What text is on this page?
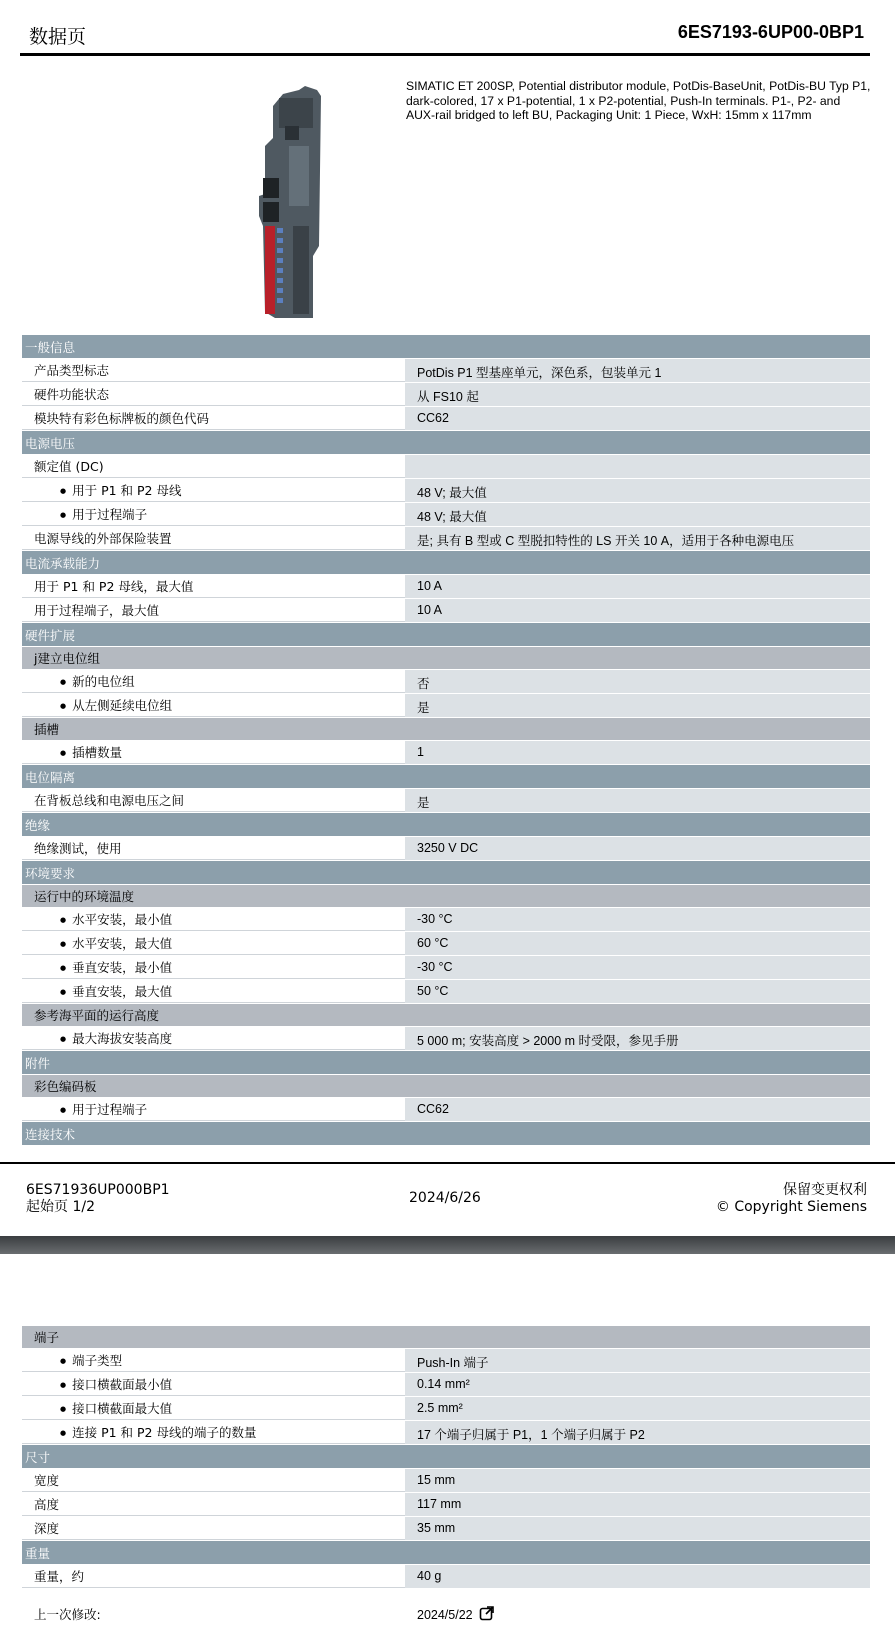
数据页	6ES7193-6UP00-0BP1
SIMATIC ET 200SP, Potential distributor module, PotDis-BaseUnit, PotDis-BU Typ P1, dark-colored, 17 x P1-potential, 1 x P2-potential, Push-In terminals. P1-, P2- and AUX-rail bridged to left BU, Packaging Unit: 1 Piece, WxH: 15mm x 117mm
一般信息
产品类型标志	PotDis P1 型基座单元，深色系，包装单元 1
硬件功能状态	从 FS10 起
模块特有彩色标牌板的颜色代码	CC62
电源电压
额定值 (DC)
● 用于 P1 和 P2 母线	48 V; 最大值
● 用于过程端子	48 V; 最大值
电源导线的外部保险装置	是; 具有 B 型或 C 型脱扣特性的 LS 开关 10 A，适用于各种电源电压
电流承载能力
用于 P1 和 P2 母线，最大值	10 A
用于过程端子，最大值	10 A
硬件扩展
j建立电位组
● 新的电位组	否
● 从左侧延续电位组	是
插槽
● 插槽数量	1
电位隔离
在背板总线和电源电压之间	是
绝缘
绝缘测试，使用	3250 V DC
环境要求
运行中的环境温度
● 水平安装，最小值	-30 °C
● 水平安装，最大值	60 °C
● 垂直安装，最小值	-30 °C
● 垂直安装，最大值	50 °C
参考海平面的运行高度
● 最大海拔安装高度	5 000 m; 安装高度 > 2000 m 时受限，参见手册
附件
彩色编码板
● 用于过程端子	CC62
连接技术
6ES71936UP000BP1
起始页 1/2
2024/6/26	保留变更权利
© Copyright Siemens
端子
● 端子类型	Push-In 端子
● 接口横截面最小值	0.14 mm²
● 接口横截面最大值	2.5 mm²
● 连接 P1 和 P2 母线的端子的数量	17 个端子归属于 P1，1 个端子归属于 P2
尺寸
宽度	15 mm
高度	117 mm
深度	35 mm
重量
重量，约	40 g
上一次修改:	2024/5/22
